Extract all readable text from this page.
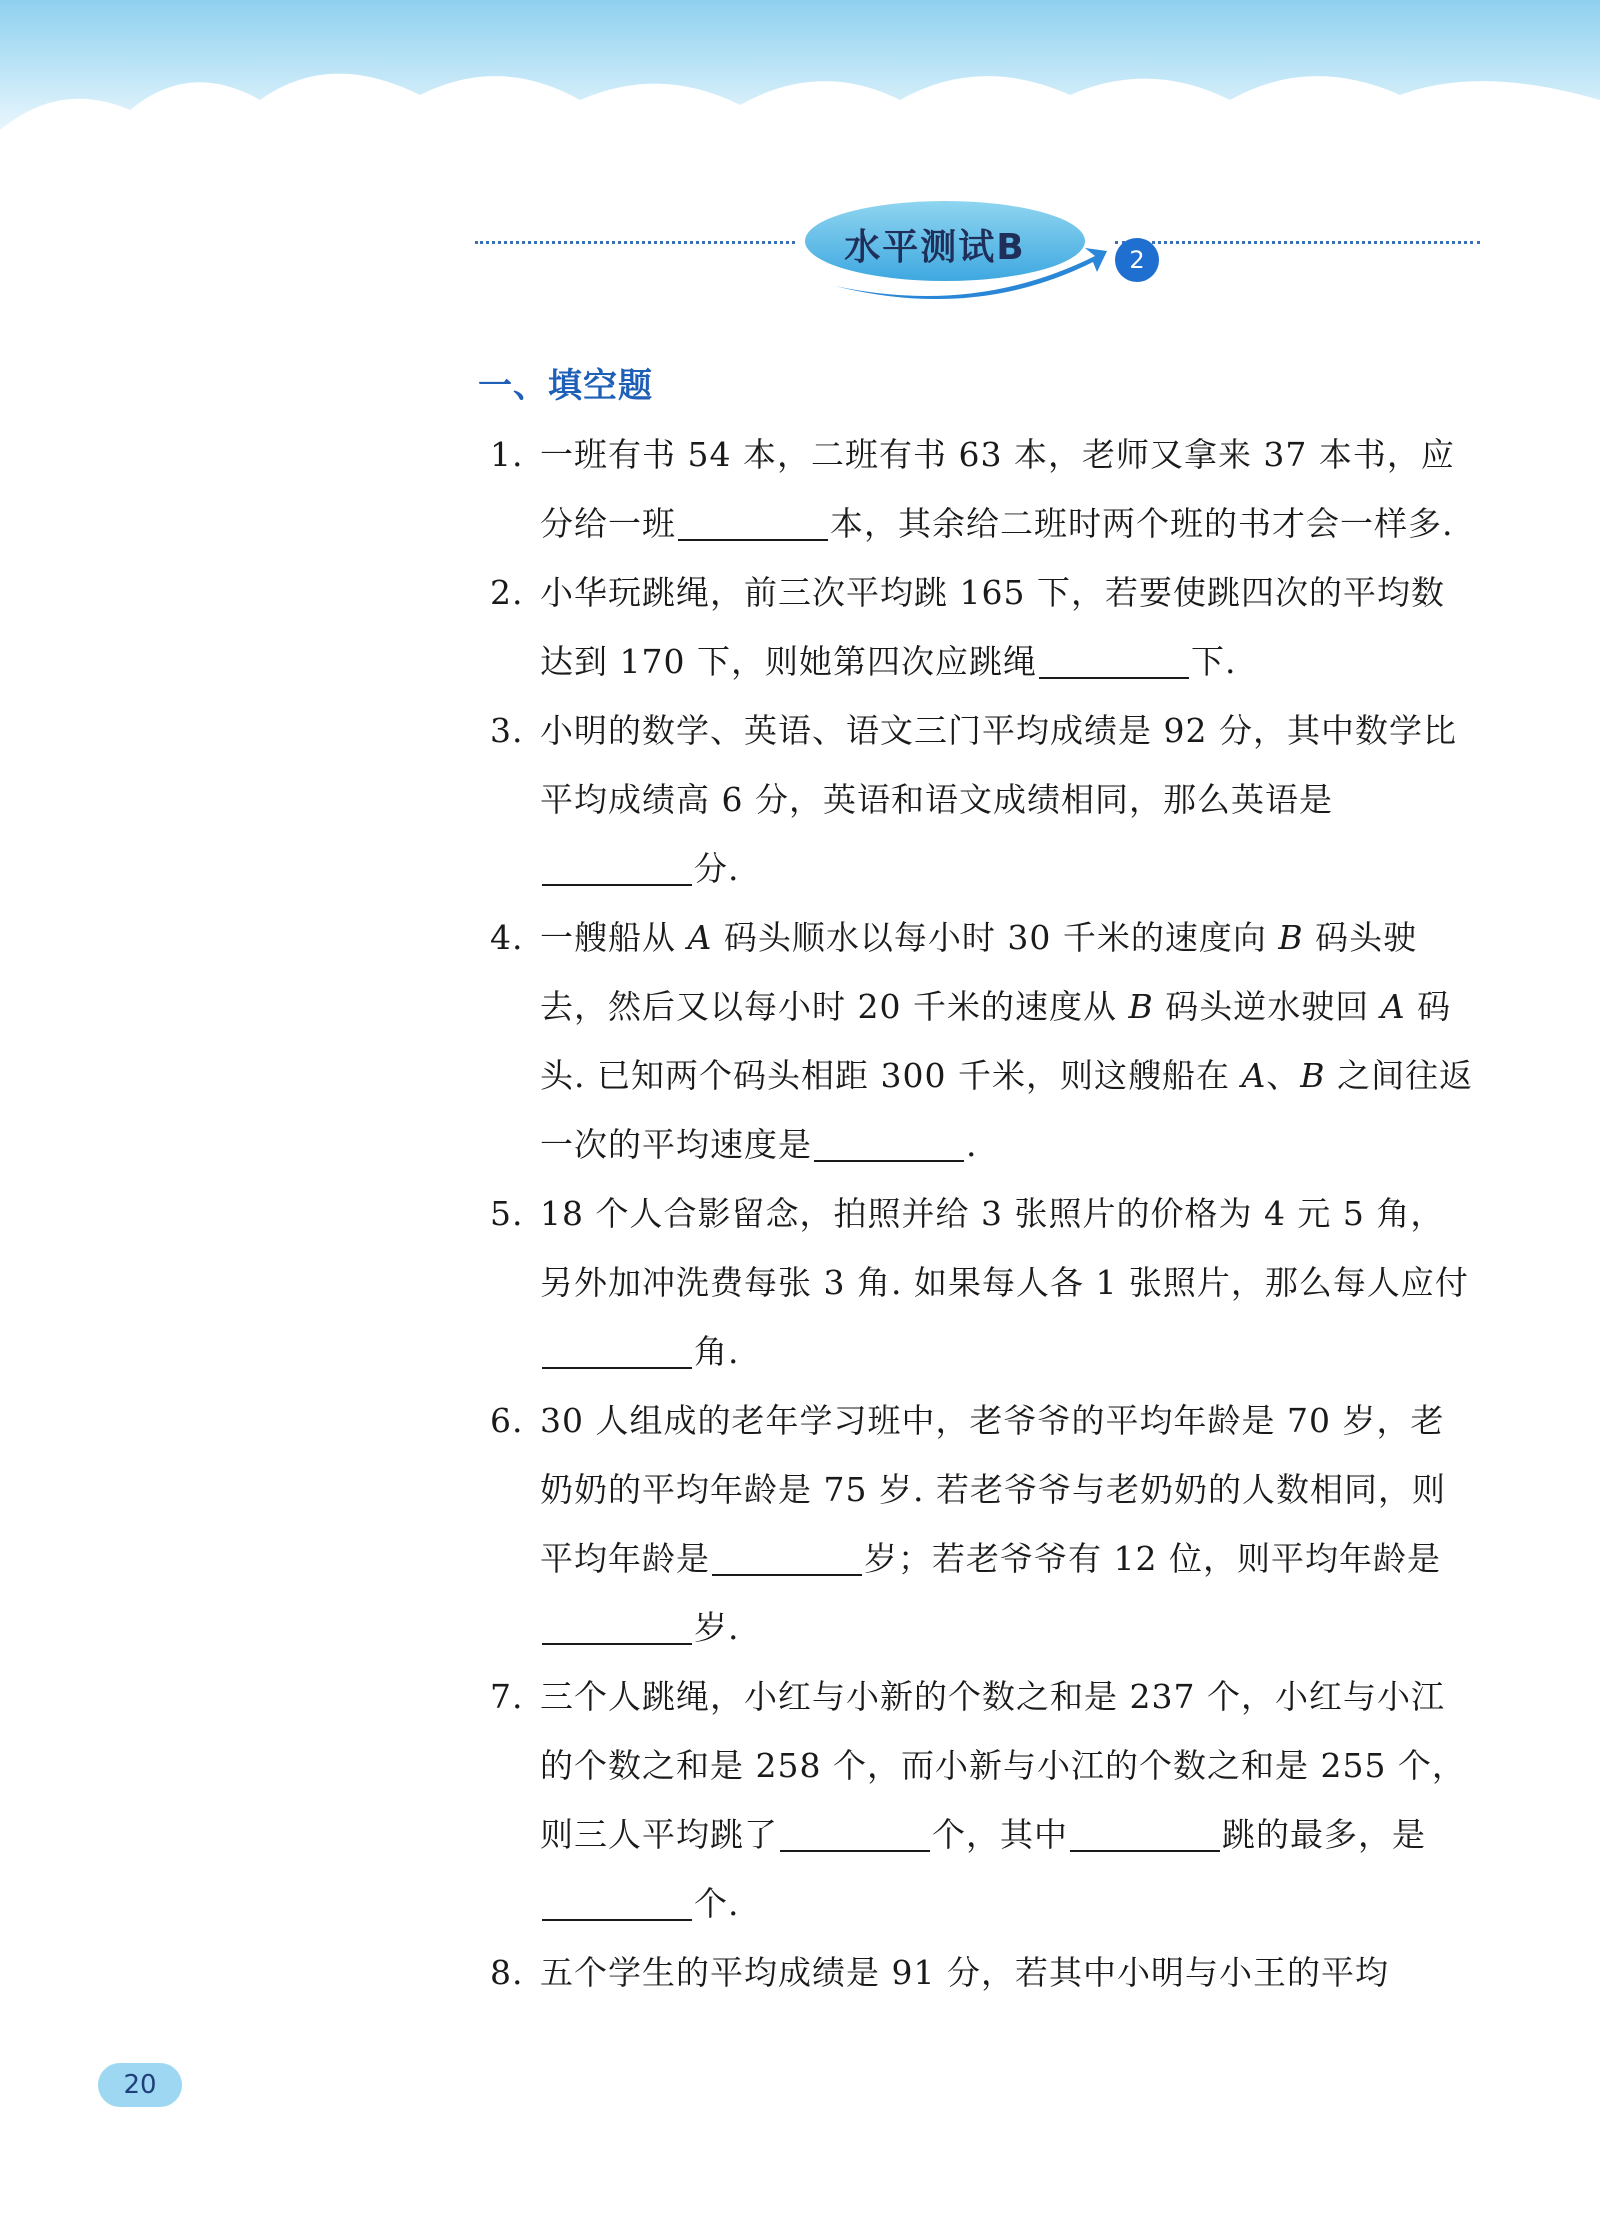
水平测试B	2
一、填空题
1. 一班有书 54 本，二班有书 63 本，老师又拿来 37 本书，应分给一班	本，其余给二班时两个班的书才会一样多.
2. 小华玩跳绳，前三次平均跳 165 下，若要使跳四次的平均数达到 170 下，则她第四次应跳绳	下.
3. 小明的数学、英语、语文三门平均成绩是 92 分，其中数学比平均成绩高 6 分，英语和语文成绩相同，那么英语是分.
4. 一艘船从 A 码头顺水以每小时 30 千米的速度向 B 码头驶去，然后又以每小时 20 千米的速度从 B 码头逆水驶回 A 码头. 已知两个码头相距 300 千米，则这艘船在 A、B 之间往返一次的平均速度是	.
5. 18 个人合影留念，拍照并给 3 张照片的价格为 4 元 5 角，另外加冲洗费每张 3 角. 如果每人各 1 张照片，那么每人应付角.
6. 30 人组成的老年学习班中，老爷爷的平均年龄是 70 岁，老奶奶的平均年龄是 75 岁. 若老爷爷与老奶奶的人数相同，则平均年龄是	岁；若老爷爷有 12 位，则平均年龄是岁.
7. 三个人跳绳，小红与小新的个数之和是 237 个，小红与小江的个数之和是 258 个，而小新与小江的个数之和是 255 个，则三人平均跳了	个，其中	跳的最多，是个.
8. 五个学生的平均成绩是 91 分，若其中小明与小王的平均
20
